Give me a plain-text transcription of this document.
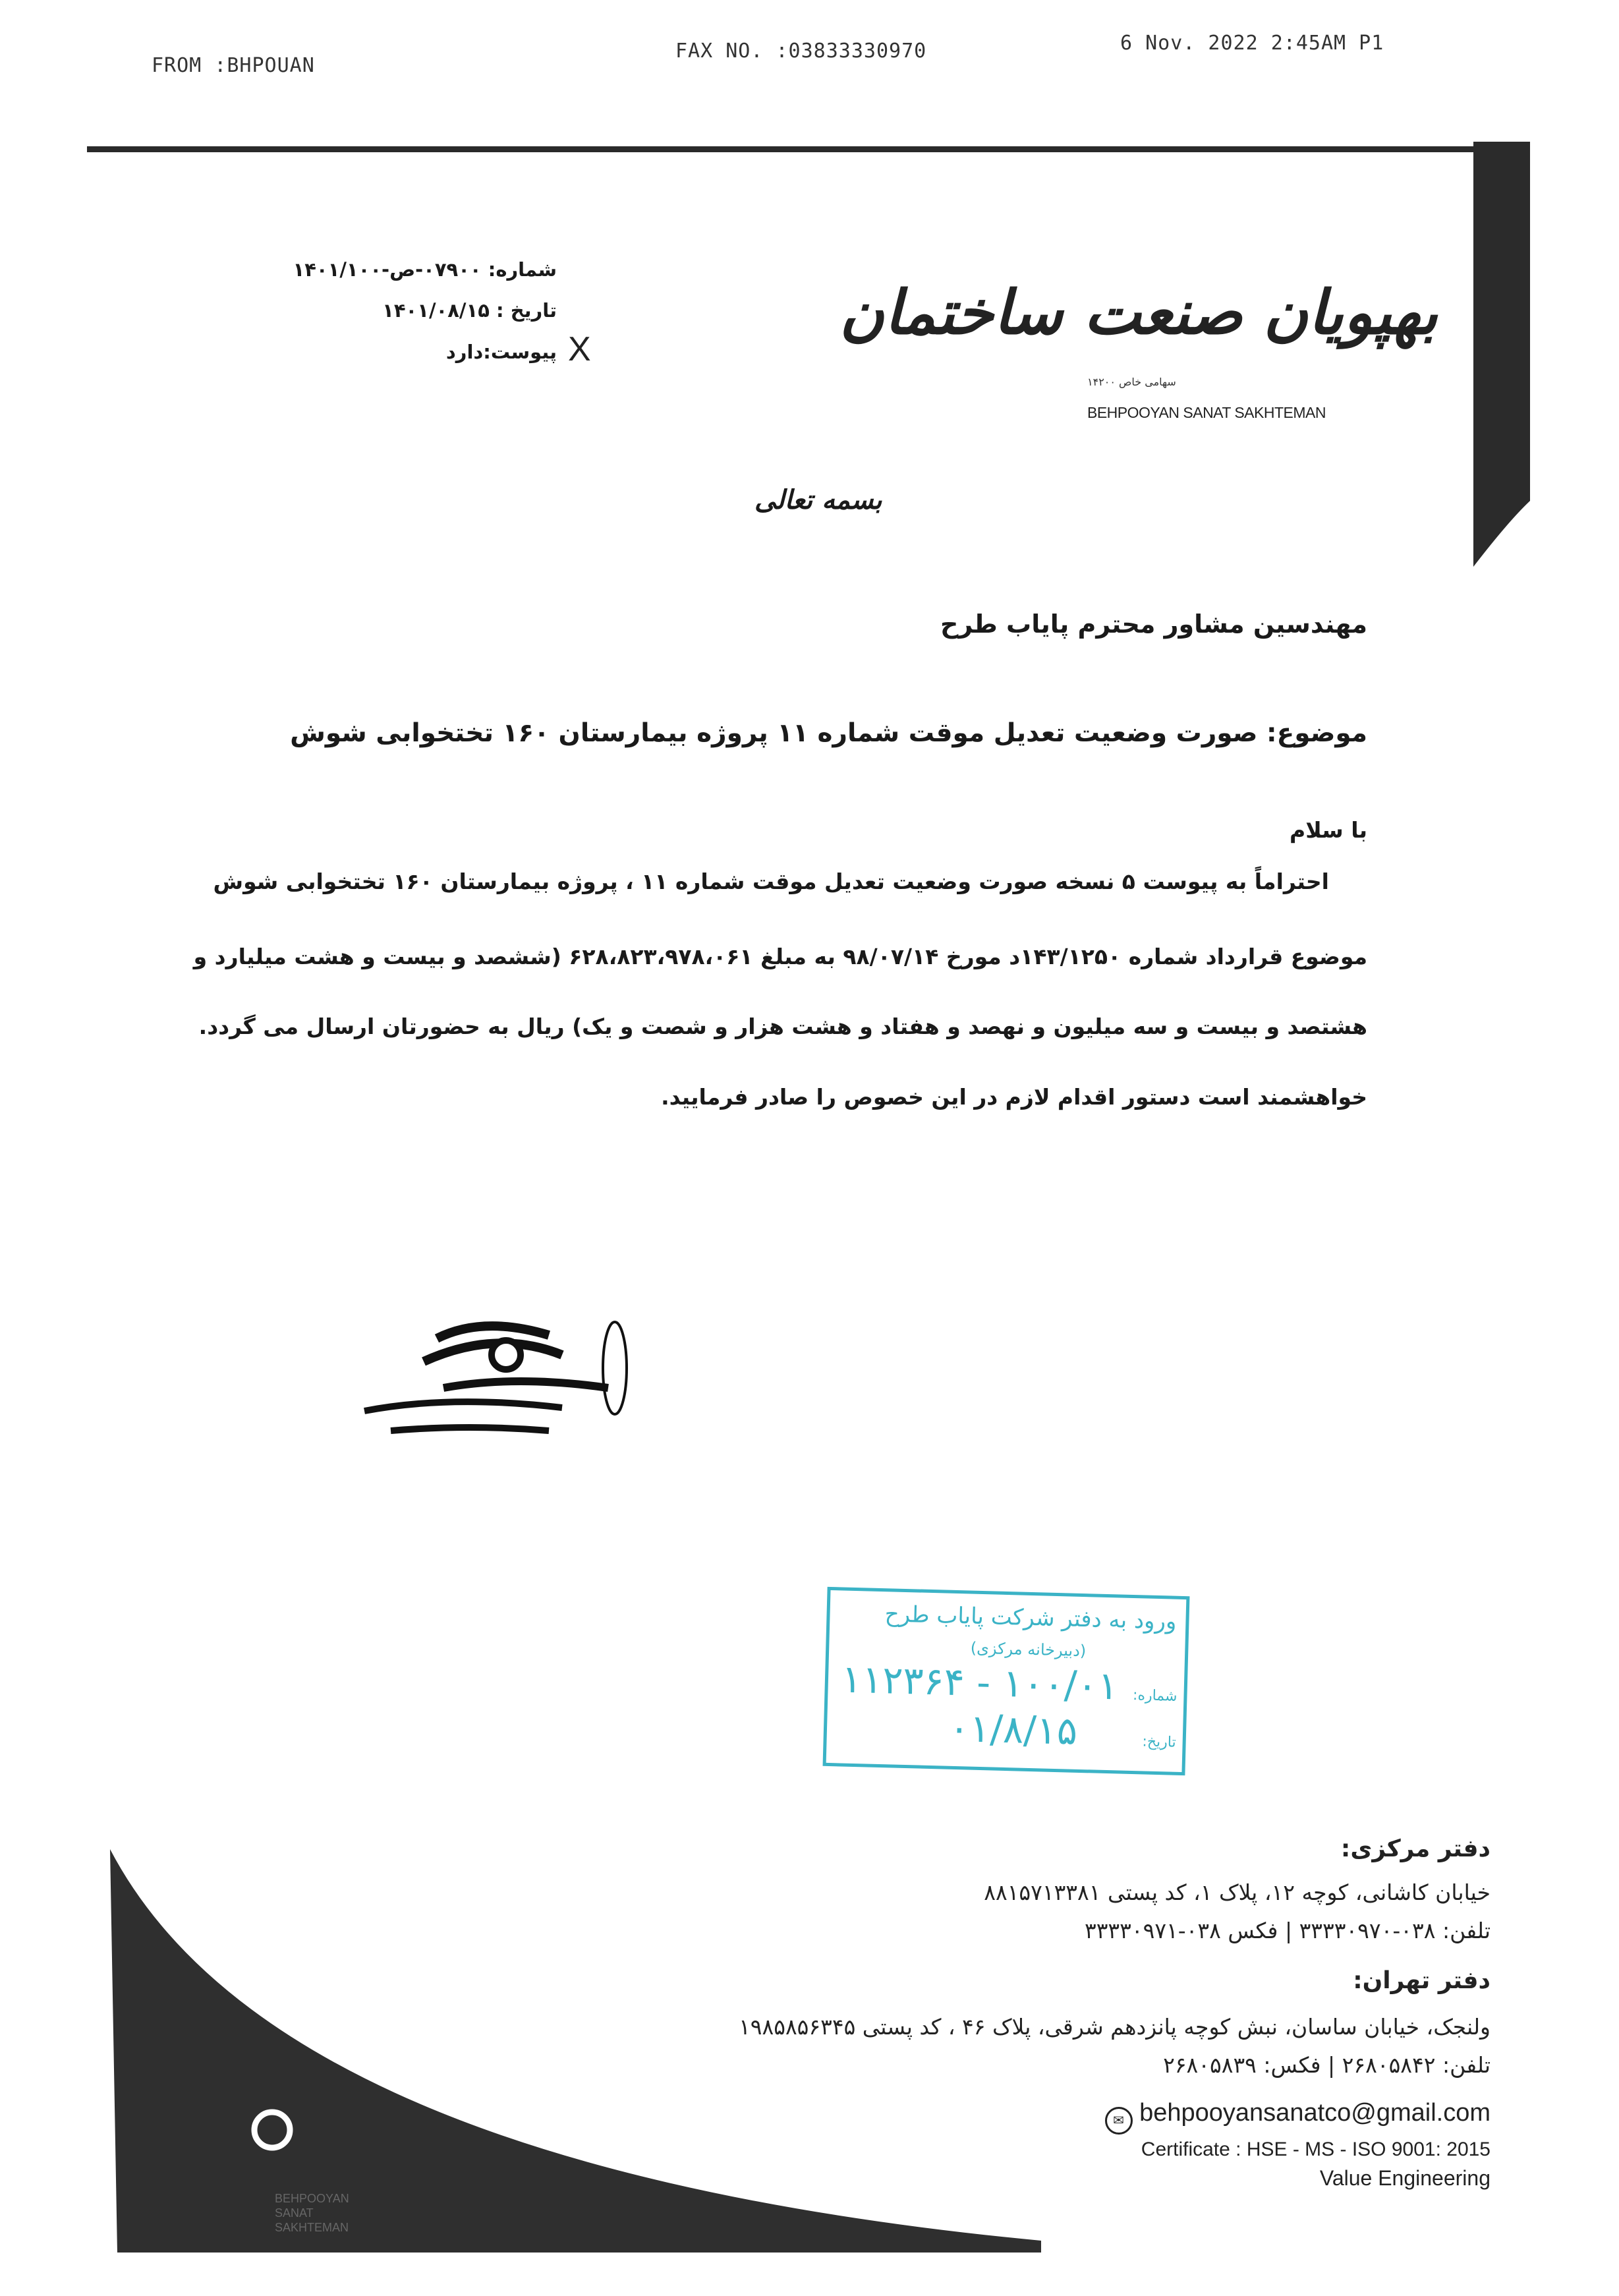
FROM :BHPOUAN
FAX NO. :03833330970	6 Nov. 2022 2:45AM P1
بهپویان صنعت ساختمان
سهامی خاص ۱۴۲۰۰
BEHPOOYAN SANAT SAKHTEMAN
شماره: ۰۷۹۰۰-ص-۱۴۰۱/۱۰۰
تاریخ : ۱۴۰۱/۰۸/۱۵
پیوست:دارد X
بسمه تعالی
مهندسین مشاور محترم پایاب طرح
موضوع: صورت وضعیت تعدیل موقت شماره ۱۱ پروژه بیمارستان ۱۶۰ تختخوابی شوش
با سلام
احتراماً به پیوست ۵ نسخه صورت وضعیت تعدیل موقت شماره ۱۱ ، پروژه بیمارستان ۱۶۰ تختخوابی شوش
موضوع قرارداد شماره ۱۴۳/۱۲۵۰د مورخ ۹۸/۰۷/۱۴ به مبلغ ۶۲۸،۸۲۳،۹۷۸،۰۶۱ (ششصد و بیست و هشت میلیارد و
هشتصد و بیست و سه میلیون و نهصد و هفتاد و هشت هزار و شصت و یک) ریال به حضورتان ارسال می گردد.
خواهشمند است دستور اقدام لازم در این خصوص را صادر فرمایید.
ورود به دفتر شرکت پایاب طرح
(دبیرخانه مرکزی)
شماره:
۱۰۰/۰۱ - ۱۱۲۳۶۴
تاریخ:
۰۱/۸/۱۵
دفتر مرکزی:
خیابان کاشانی، کوچه ۱۲، پلاک ۱، کد پستی ۸۸۱۵۷۱۳۳۸۱
تلفن: ۰۳۸-۳۳۳۳۰۹۷۰ | فکس ۰۳۸-۳۳۳۳۰۹۷۱
دفتر تهران:
ولنجک، خیابان ساسان، نبش کوچه پانزدهم شرقی، پلاک ۴۶ ، کد پستی ۱۹۸۵۸۵۶۳۴۵
تلفن: ۲۶۸۰۵۸۴۲ | فکس: ۲۶۸۰۵۸۳۹
✉ behpooyansanatco@gmail.com
Certificate : HSE - MS - ISO 9001: 2015
Value Engineering
BEHPOOYAN SANAT SAKHTEMAN
